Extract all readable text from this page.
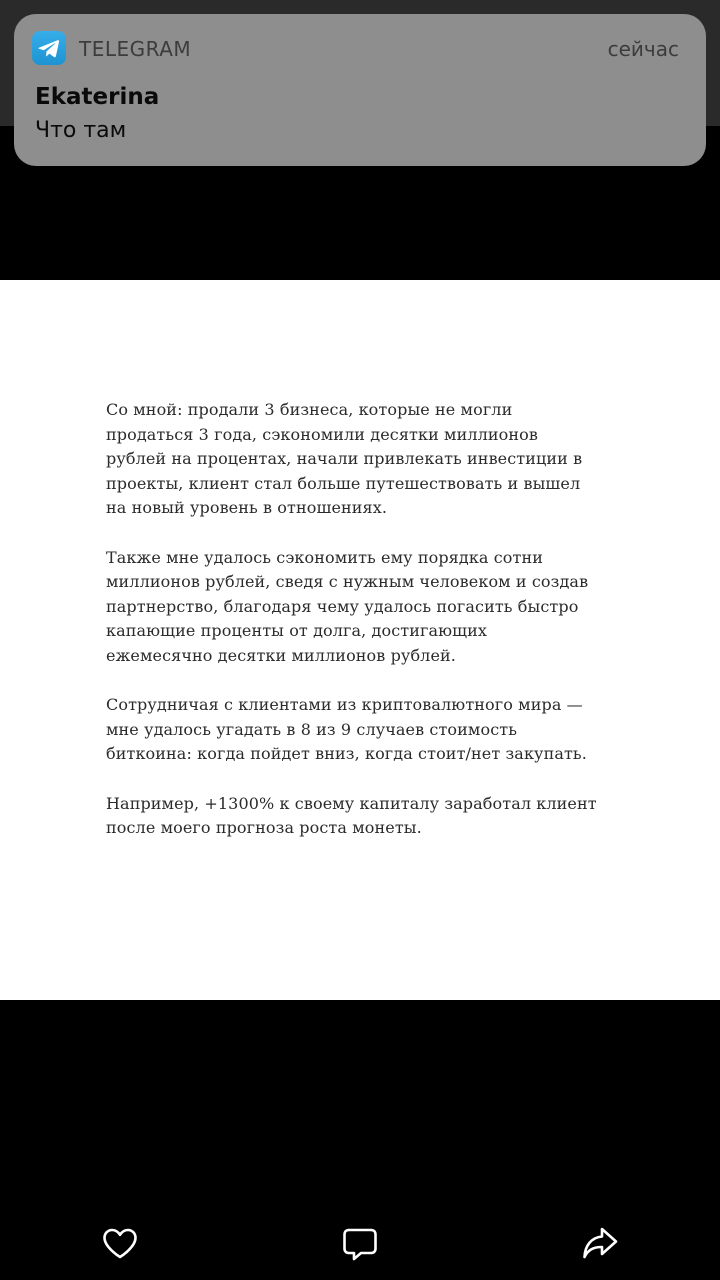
TELEGRAM	сейчас
Ekaterina
Что там

Со мной: продали 3 бизнеса, которые не могли
продаться 3 года, сэкономили десятки миллионов
рублей на процентах, начали привлекать инвестиции в
проекты, клиент стал больше путешествовать и вышел
на новый уровень в отношениях.

Также мне удалось сэкономить ему порядка сотни
миллионов рублей, сведя с нужным человеком и создав
партнерство, благодаря чему удалось погасить быстро
капающие проценты от долга, достигающих
ежемесячно десятки миллионов рублей.

Сотрудничая с клиентами из криптовалютного мира —
мне удалось угадать в 8 из 9 случаев стоимость
биткоина: когда пойдет вниз, когда стоит/нет закупать.

Например, +1300% к своему капиталу заработал клиент
после моего прогноза роста монеты.
